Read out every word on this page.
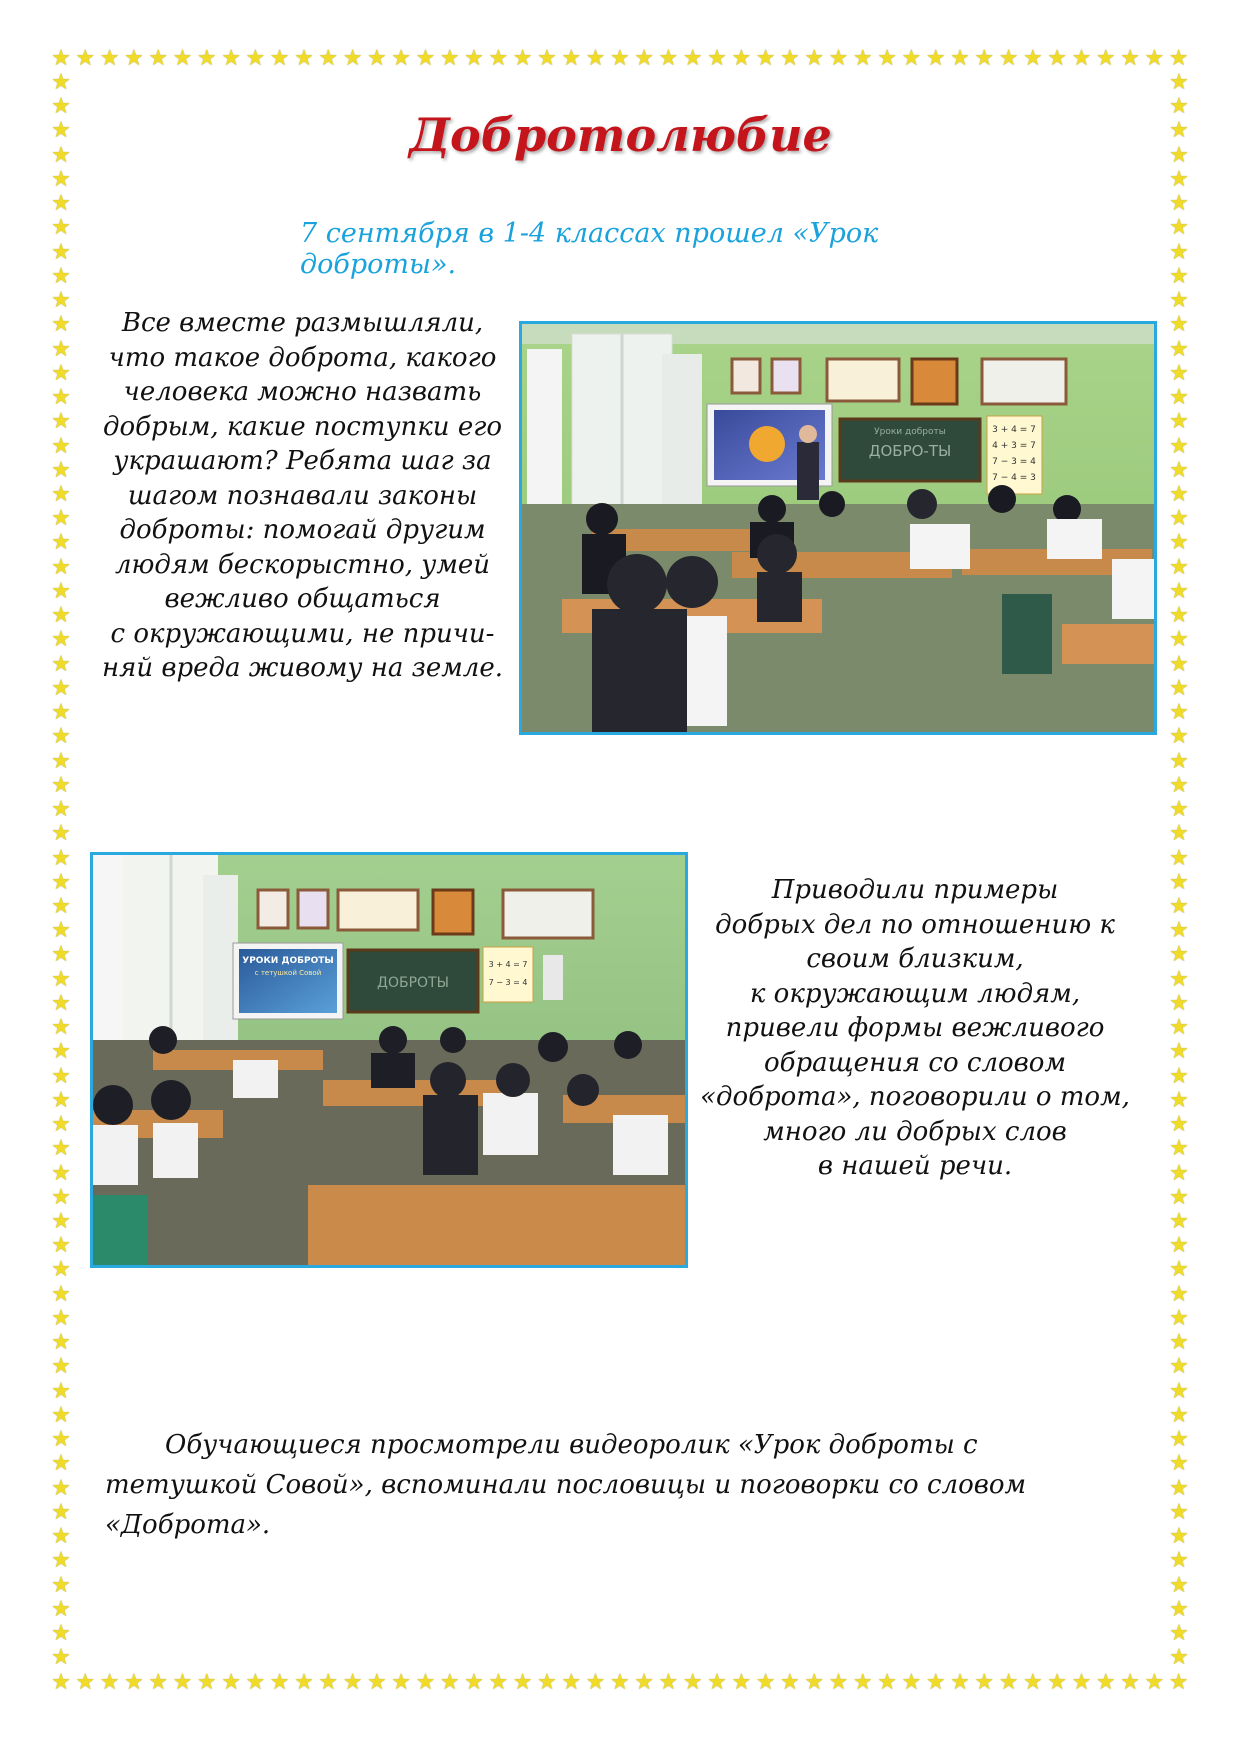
★ ★ ★ ★ ★ ★ ★ ★ ★ ★ ★ ★ ★ ★ ★ ★ ★ ★ ★ ★ ★ ★ ★ ★ ★ ★ ★ ★ ★ ★ ★ ★ ★ ★ ★ ★ ★ ★ ★ ★ ★ ★ ★ ★ ★ ★ ★
★ ★ ★ ★ ★ ★ ★ ★ ★ ★ ★ ★ ★ ★ ★ ★ ★ ★ ★ ★ ★ ★ ★ ★ ★ ★ ★ ★ ★ ★ ★ ★ ★ ★ ★ ★ ★ ★ ★ ★ ★ ★ ★ ★ ★ ★ ★
★
★
★
★
★
★
★
★
★
★
★
★
★
★
★
★
★
★
★
★
★
★
★
★
★
★
★
★
★
★
★
★
★
★
★
★
★
★
★
★
★
★
★
★
★
★
★
★
★
★
★
★
★
★
★
★
★
★
★
★
★
★
★
★
★
★
★
★
★
★
★
★
★
★
★
★
★
★
★
★
★
★
★
★
★
★
★
★
★
★
★
★
★
★
★
★
★
★
★
★
★
★
★
★
★
★
★
★
★
★
★
★
★
★
★
★
★
★
★
★
★
★
★
★
★
★
★
★
★
★
★
★
Добротолюбие

7 сентября в 1-4 классах прошел «Урок доброты».

Все вместе размышляли,
что такое доброта, какого
человека можно назвать
добрым, какие поступки его
украшают? Ребята шаг за
шагом познавали законы
доброты: помогай другим
людям бескорыстно, умей
вежливо общаться
с окружающими, не причи-
няй вреда живому на земле.
ДОБРО-ТЫ
Уроки доброты	3 + 4 = 7
4 + 3 = 7
7 − 3 = 4
7 − 4 = 3
УРОКИ ДОБРОТЫ
с тетушкой Совой
ДОБРОТЫ
3 + 4 = 7
7 − 3 = 4
Приводили примеры
добрых дел по отношению к
своим близким,
к окружающим людям,
привели формы вежливого
обращения со словом
«доброта», поговорили о том,
много ли добрых слов
в нашей речи.

Обучающиеся просмотрели видеоролик «Урок доброты с тетушкой Совой», вспоминали пословицы и поговорки со словом «Доброта».
